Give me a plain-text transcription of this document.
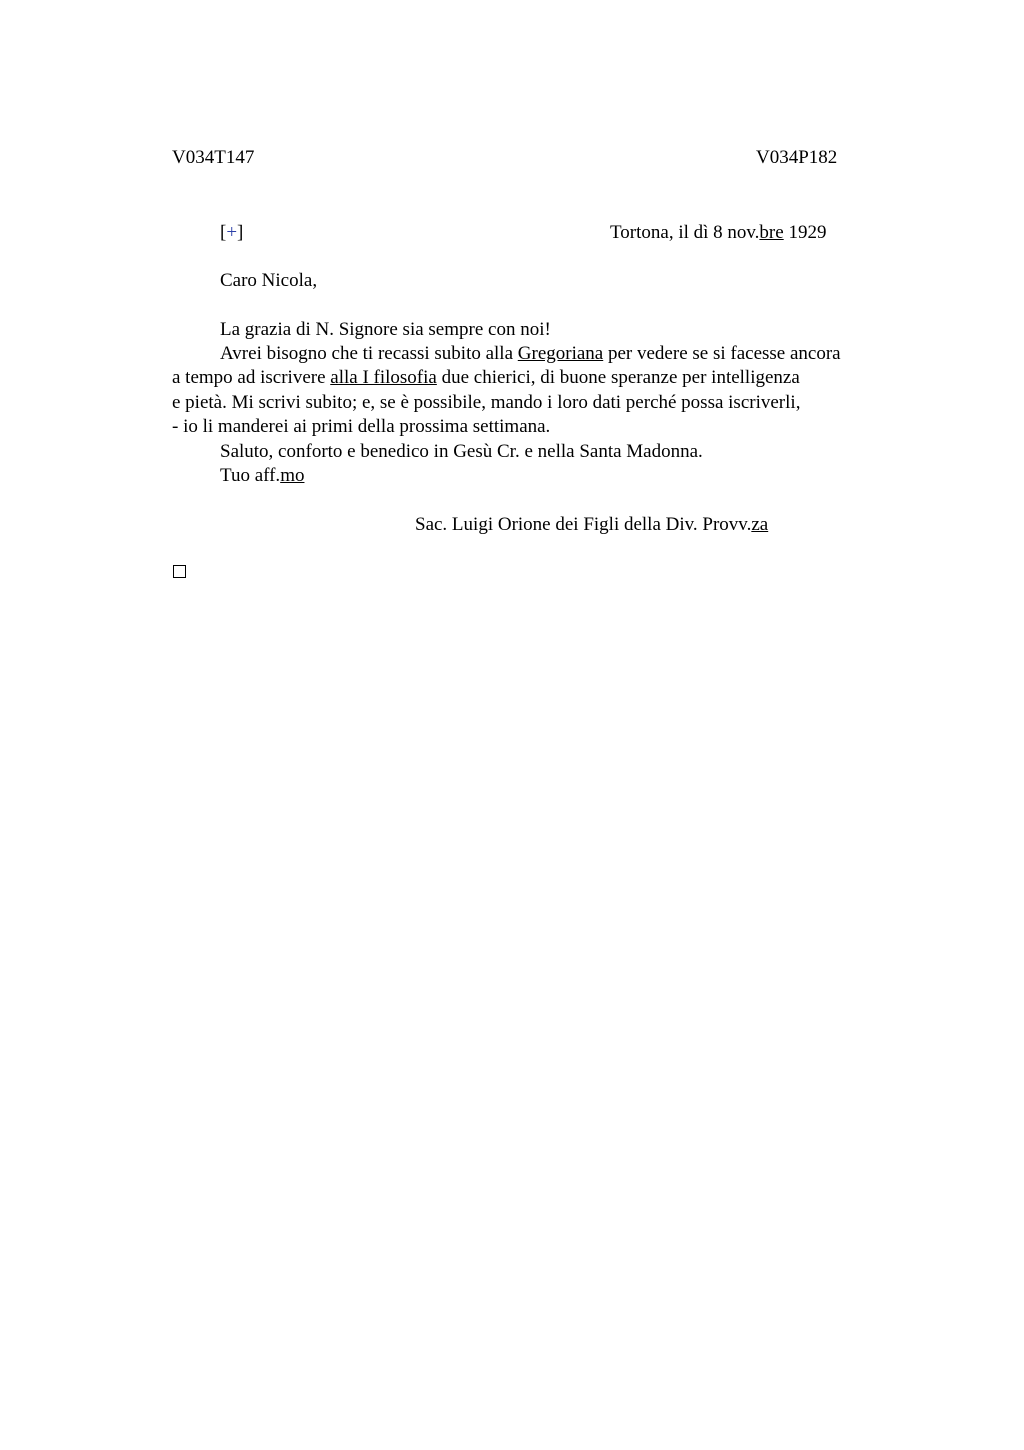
V034T147	V034P182
[+]	Tortona, il dì 8 nov.bre 1929
Caro Nicola,
La grazia di N. Signore sia sempre con noi!
Avrei bisogno che ti recassi subito alla Gregoriana per vedere se si facesse ancora
a tempo ad iscrivere alla I filosofia due chierici, di buone speranze per intelligenza
e pietà. Mi scrivi subito; e, se è possibile, mando i loro dati perché possa iscriverli,
- io li manderei ai primi della prossima settimana.
Saluto, conforto e benedico in Gesù Cr. e nella Santa Madonna.
Tuo aff.mo
Sac. Luigi Orione dei Figli della Div. Provv.za
